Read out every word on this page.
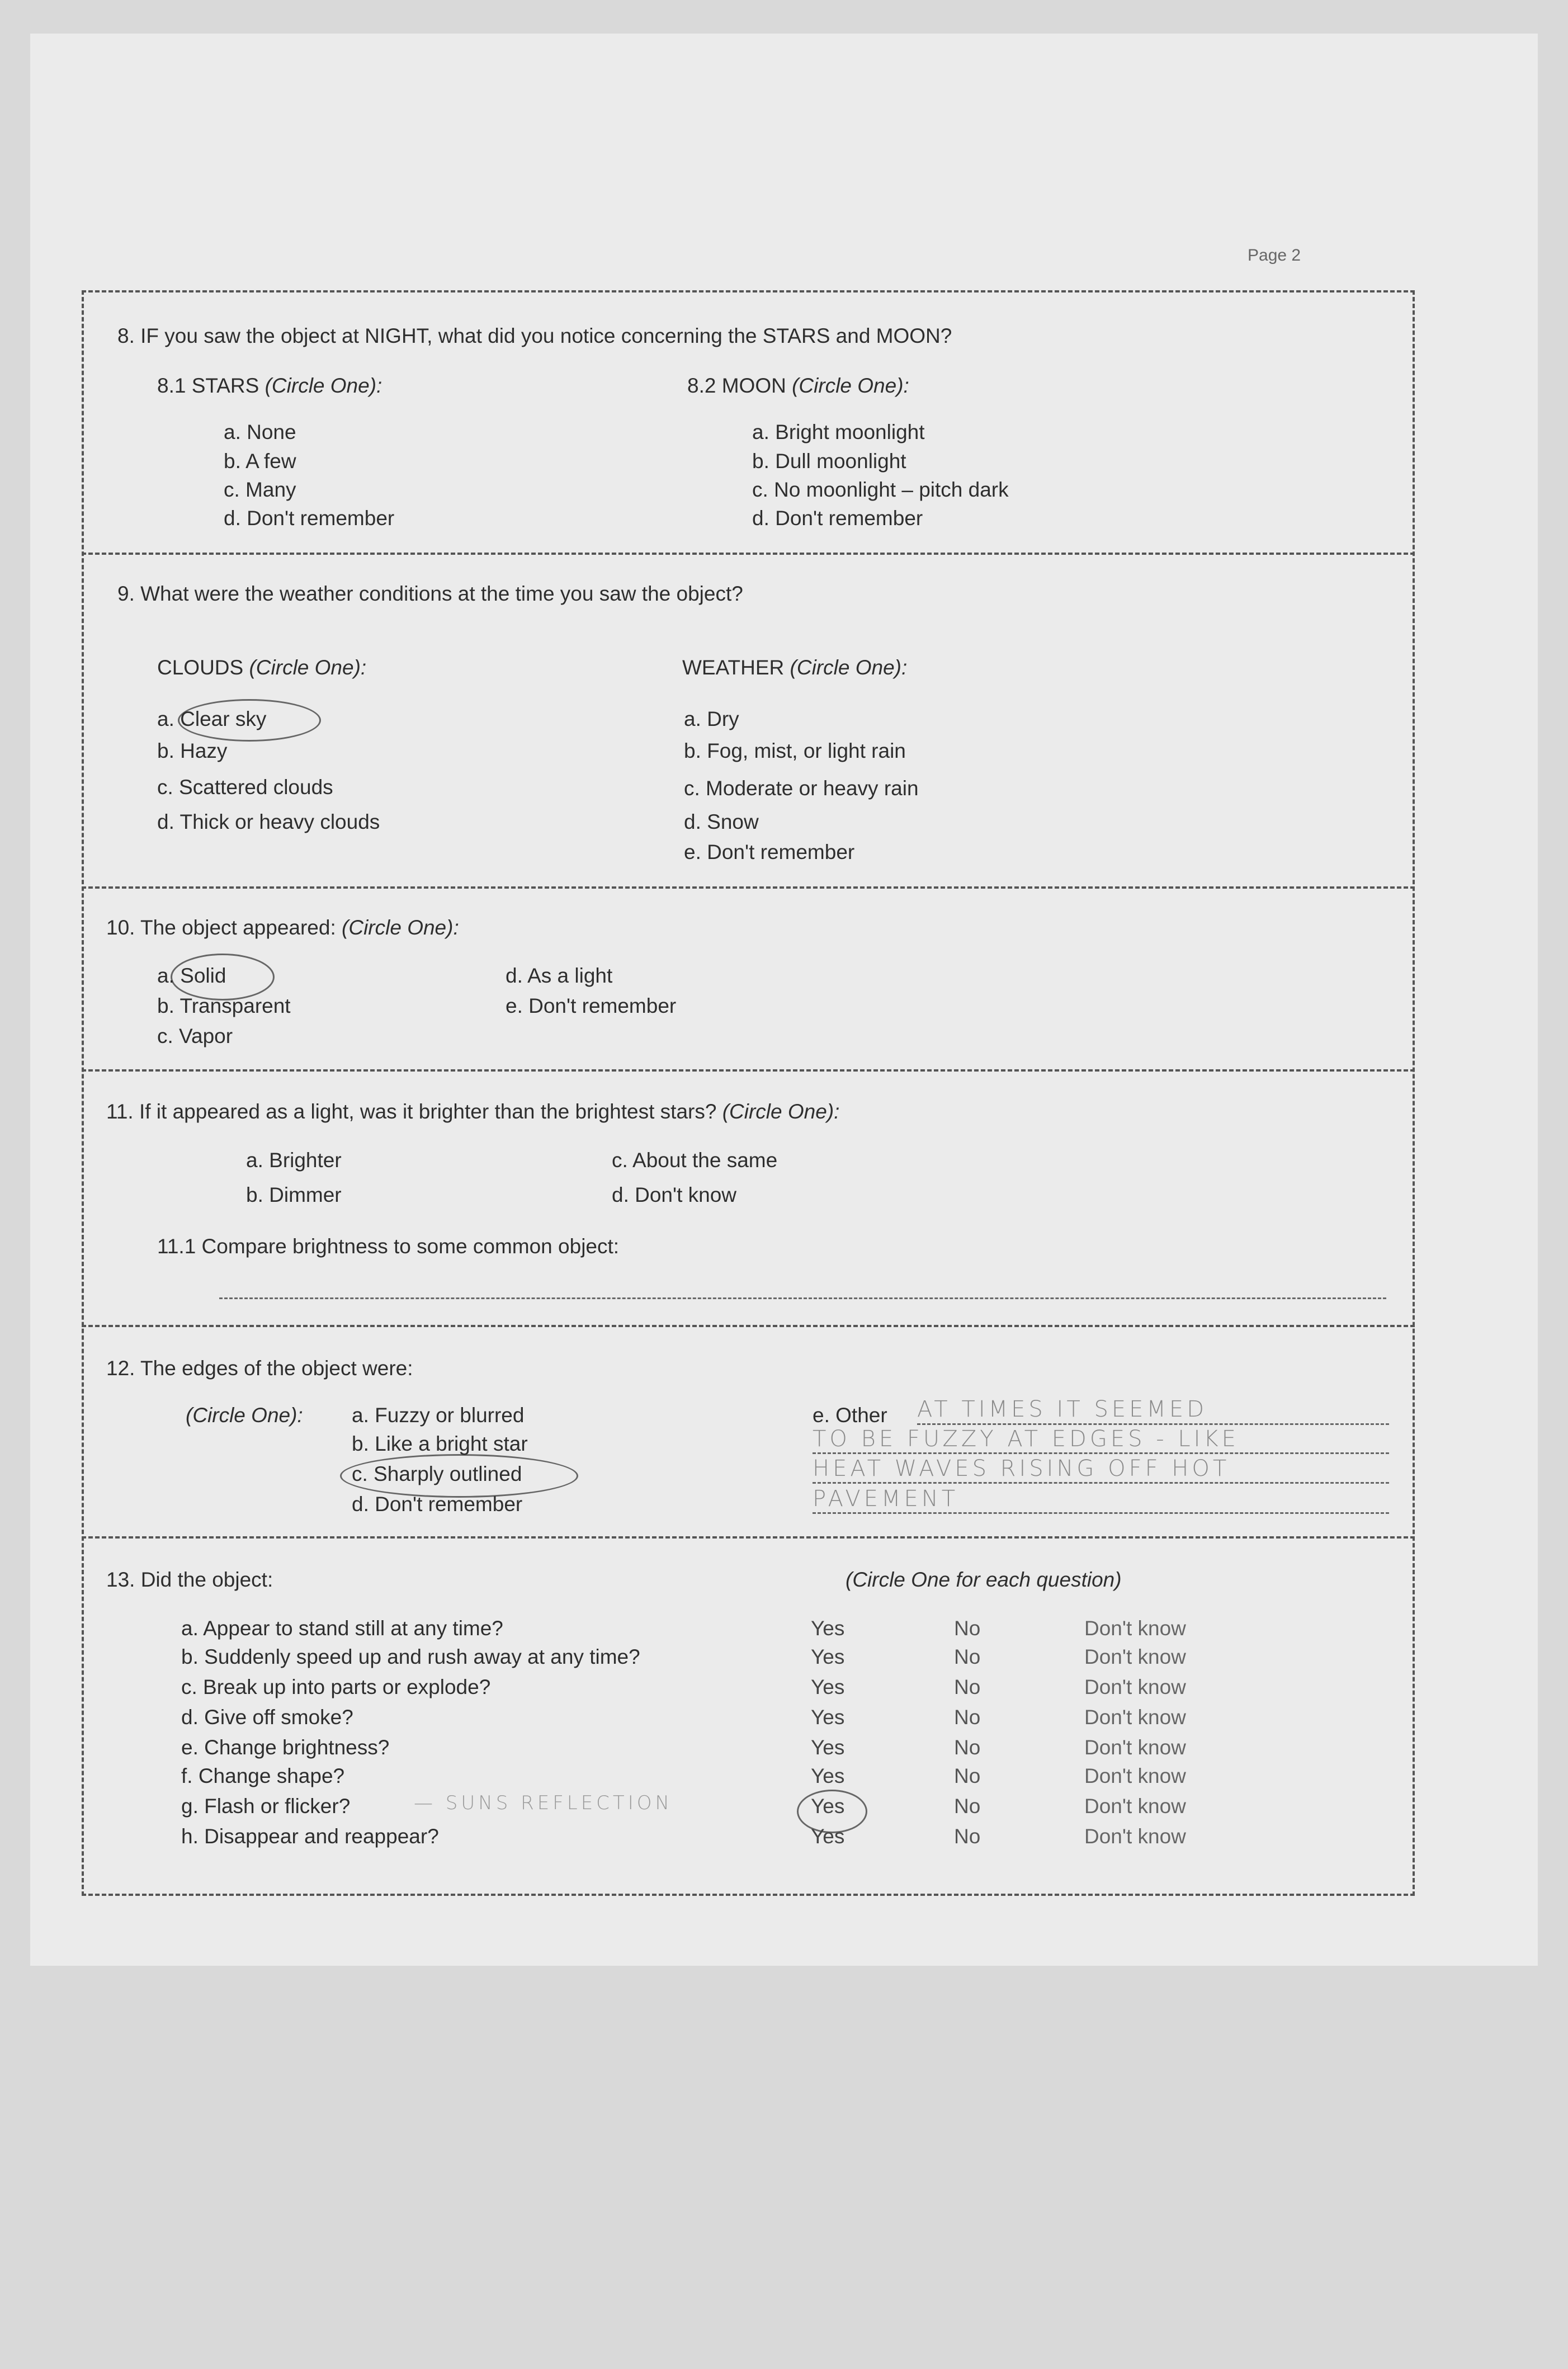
Page 2
8. IF you saw the object at NIGHT, what did you notice concerning the STARS and MOON?
8.1 STARS (Circle One):	8.2 MOON (Circle One):
9. What were the weather conditions at the time you saw the object?
CLOUDS (Circle One):	WEATHER (Circle One):
10. The object appeared: (Circle One):
11. If it appeared as a light, was it brighter than the brightest stars? (Circle One):
11.1 Compare brightness to some common object:
12. The edges of the object were:
(Circle One):	e. Other
13. Did the object:	(Circle One for each question)
a. None
b. A few
c. Many
d. Don't remember
a. Bright moonlight
b. Dull moonlight
c. No moonlight – pitch dark
d. Don't remember
a. Clear sky
b. Hazy
c. Scattered clouds
d. Thick or heavy clouds
a. Dry
b. Fog, mist, or light rain
c. Moderate or heavy rain
d. Snow
e. Don't remember
a. Solid
b. Transparent
c. Vapor
d. As a light
e. Don't remember
a. Brighter
b. Dimmer
c. About the same
d. Don't know
a. Fuzzy or blurred
b. Like a bright star
c. Sharply outlined
d. Don't remember
AT TIMES IT SEEMED
TO BE FUZZY AT EDGES - LIKE
HEAT WAVES RISING OFF HOT
PAVEMENT
a. Appear to stand still at any time?	Yes	No	Don't know
b. Suddenly speed up and rush away at any time?	Yes	No	Don't know
c. Break up into parts or explode?	Yes	No	Don't know
d. Give off smoke?	Yes	No	Don't know
e. Change brightness?	Yes	No	Don't know
f. Change shape?	Yes	No	Don't know
g. Flash or flicker?	Yes	No	Don't know
— SUNS REFLECTION
h. Disappear and reappear?	Yes	No	Don't know
